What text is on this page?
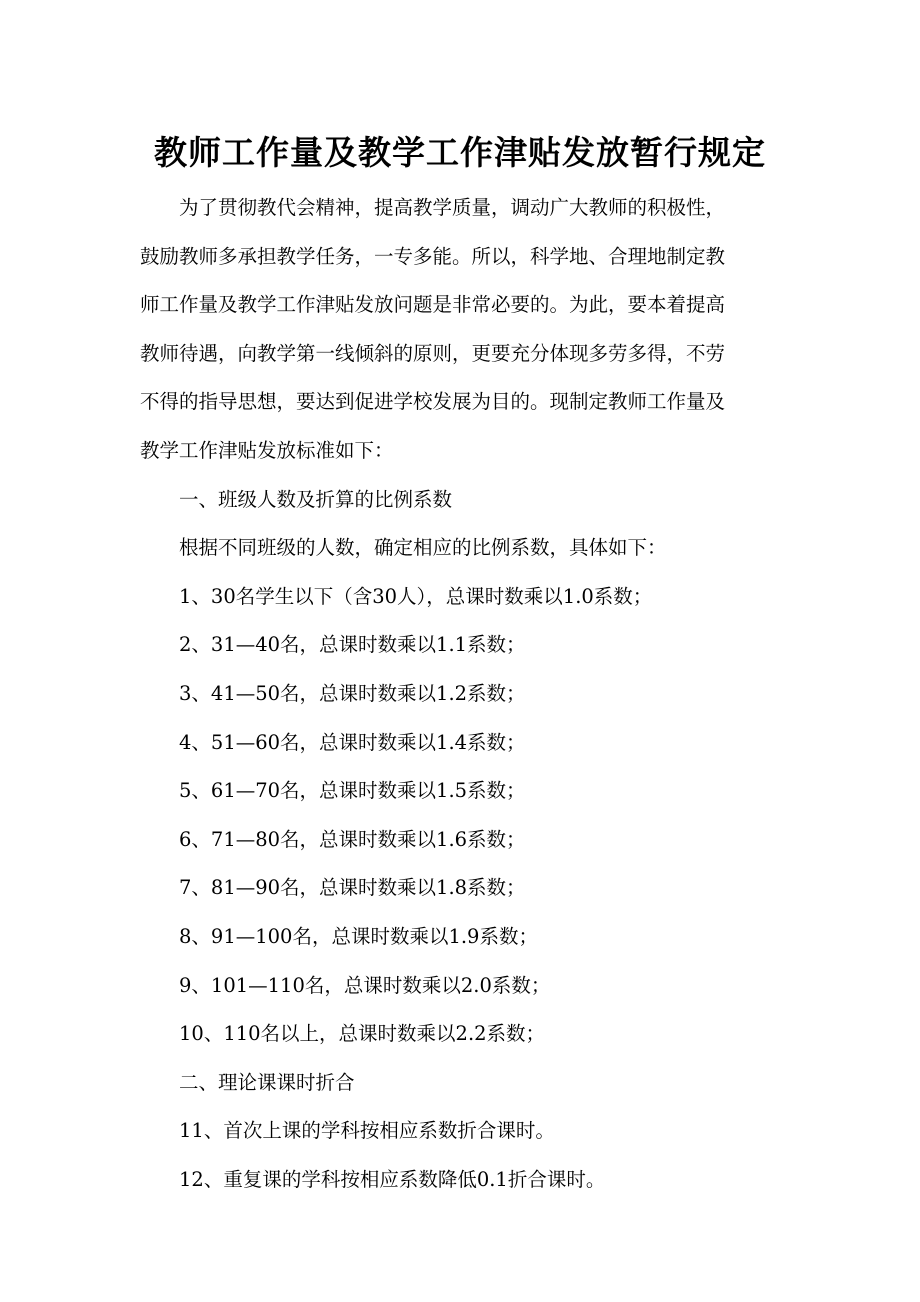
教师工作量及教学工作津贴发放暂行规定

为了贯彻教代会精神，提高教学质量，调动广大教师的积极性，
鼓励教师多承担教学任务，一专多能。所以，科学地、合理地制定教
师工作量及教学工作津贴发放问题是非常必要的。为此，要本着提高
教师待遇，向教学第一线倾斜的原则，更要充分体现多劳多得，不劳
不得的指导思想，要达到促进学校发展为目的。现制定教师工作量及
教学工作津贴发放标准如下：

一、班级人数及折算的比例系数

根据不同班级的人数，确定相应的比例系数，具体如下：

1、30名学生以下（含30人），总课时数乘以1.0系数；

2、31—40名，总课时数乘以1.1系数；

3、41—50名，总课时数乘以1.2系数；

4、51—60名，总课时数乘以1.4系数；

5、61—70名，总课时数乘以1.5系数；

6、71—80名，总课时数乘以1.6系数；

7、81—90名，总课时数乘以1.8系数；

8、91—100名，总课时数乘以1.9系数；

9、101—110名，总课时数乘以2.0系数；

10、110名以上，总课时数乘以2.2系数；

二、理论课课时折合

11、首次上课的学科按相应系数折合课时。

12、重复课的学科按相应系数降低0.1折合课时。
